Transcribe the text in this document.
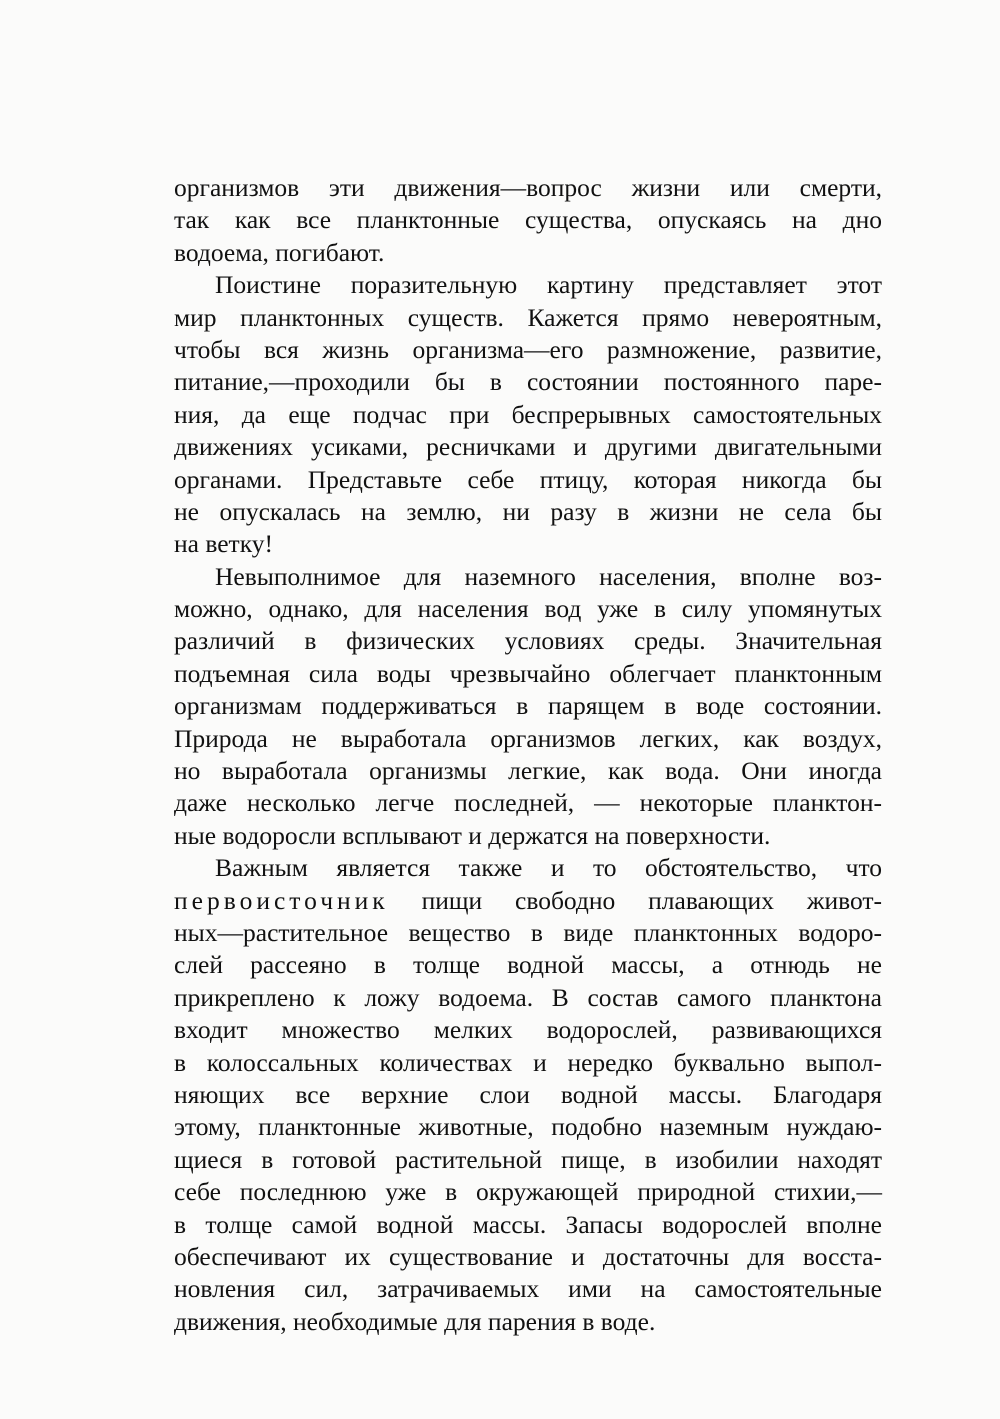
организмов эти движения—вопрос жизни или смерти,
так как все планктонные существа, опускаясь на дно
водоема, погибают.
Поистине поразительную картину представляет этот
мир планктонных существ. Кажется прямо невероятным,
чтобы вся жизнь организма—его размножение, развитие,
питание,—проходили бы в состоянии постоянного паре-
ния, да еще подчас при беспрерывных самостоятельных
движениях усиками, ресничками и другими двигательными
органами. Представьте себе птицу, которая никогда бы
не опускалась на землю, ни разу в жизни не села бы
на ветку!
Невыполнимое для наземного населения, вполне воз-
можно, однако, для населения вод уже в силу упомянутых
различий в физических условиях среды. Значительная
подъемная сила воды чрезвычайно облегчает планктонным
организмам поддерживаться в парящем в воде состоянии.
Природа не выработала организмов легких, как воздух,
но выработала организмы легкие, как вода. Они иногда
даже несколько легче последней, — некоторые планктон-
ные водоросли всплывают и держатся на поверхности.
Важным является также и то обстоятельство, что
первоисточник пищи свободно плавающих живот-
ных—растительное вещество в виде планктонных водоро-
слей рассеяно в толще водной массы, а отнюдь не
прикреплено к ложу водоема. В состав самого планктона
входит множество мелких водорослей, развивающихся
в колоссальных количествах и нередко буквально выпол-
няющих все верхние слои водной массы. Благодаря
этому, планктонные животные, подобно наземным нуждаю-
щиеся в готовой растительной пище, в изобилии находят
себе последнюю уже в окружающей природной стихии,—
в толще самой водной массы. Запасы водорослей вполне
обеспечивают их существование и достаточны для восста-
новления сил, затрачиваемых ими на самостоятельные
движения, необходимые для парения в воде.
